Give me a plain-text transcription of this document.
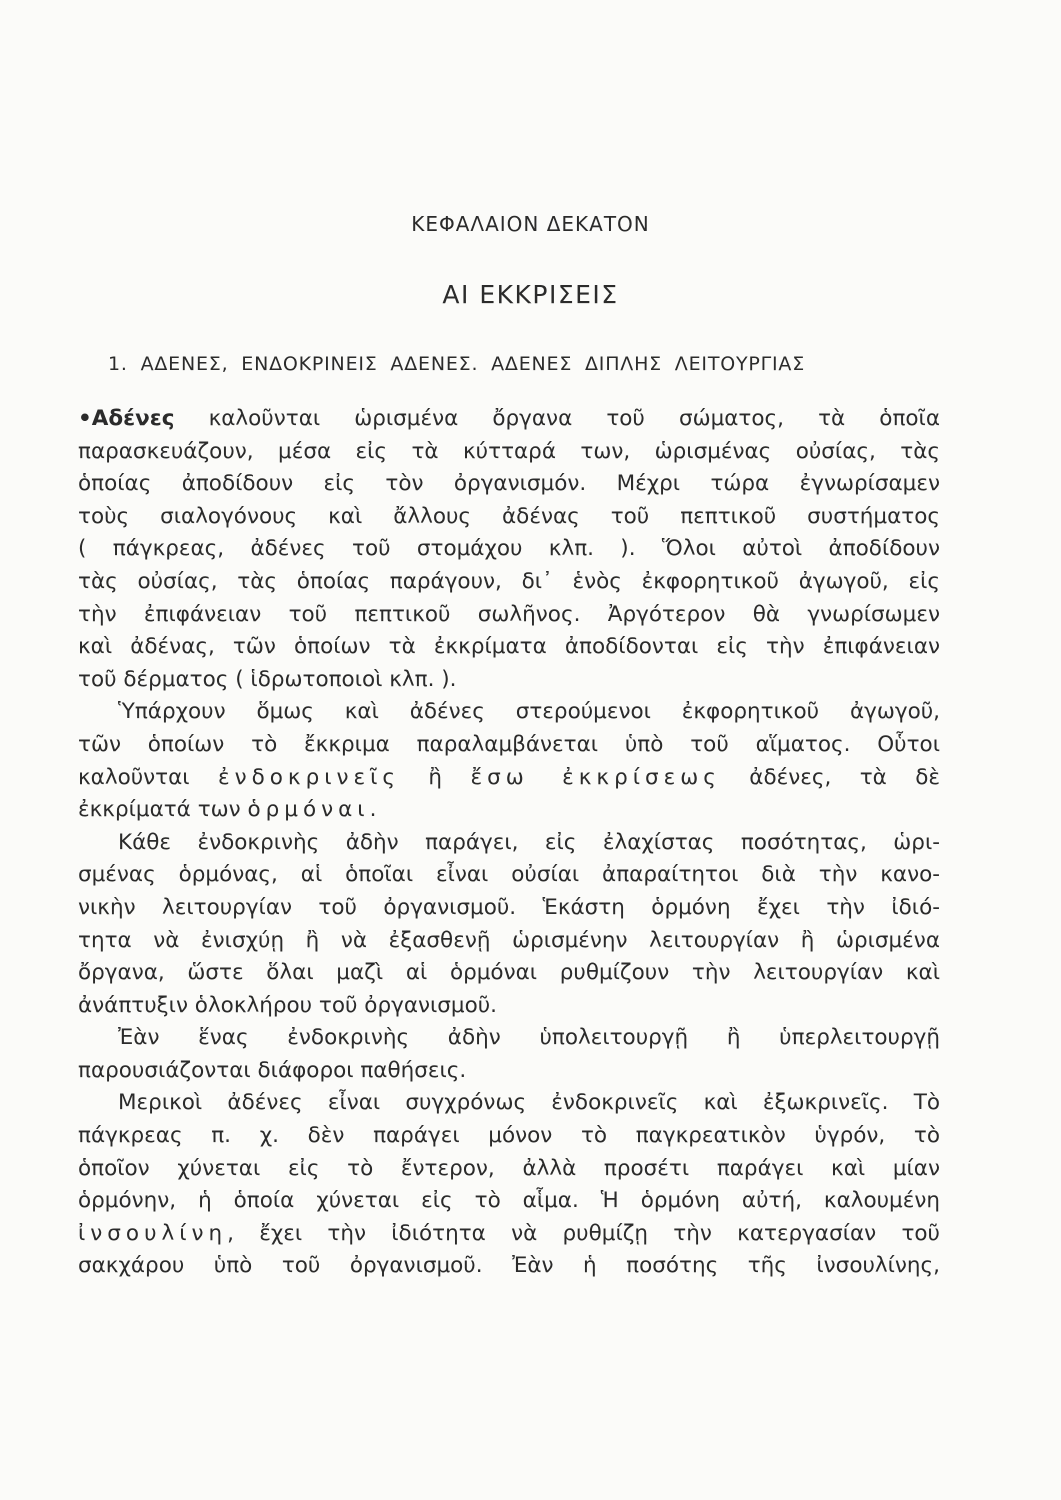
ΚΕΦΑΛΑΙΟΝ ΔΕΚΑΤΟΝ
ΑΙ ΕΚΚΡΙΣΕΙΣ
1. ΑΔΕΝΕΣ, ΕΝΔΟΚΡΙΝΕΙΣ ΑΔΕΝΕΣ. ΑΔΕΝΕΣ ΔΙΠΛΗΣ ΛΕΙΤΟΥΡΓΙΑΣ
•Αδένες καλοῦνται ὡρισμένα ὄργανα τοῦ σώματος, τὰ ὁποῖα
παρασκευάζουν, μέσα εἰς τὰ κύτταρά των, ὡρισμένας οὐσίας, τὰς
ὁποίας ἀποδίδουν εἰς τὸν ὀργανισμόν. Μέχρι τώρα ἐγνωρίσαμεν
τοὺς σιαλογόνους καὶ ἄλλους ἀδένας τοῦ πεπτικοῦ συστήματος
( πάγκρεας, ἀδένες τοῦ στομάχου κλπ. ). Ὅλοι αὐτοὶ ἀποδίδουν
τὰς οὐσίας, τὰς ὁποίας παράγουν, δι᾽ ἑνὸς ἐκφορητικοῦ ἀγωγοῦ, εἰς
τὴν ἐπιφάνειαν τοῦ πεπτικοῦ σωλῆνος. Ἀργότερον θὰ γνωρίσωμεν
καὶ ἀδένας, τῶν ὁποίων τὰ ἐκκρίματα ἀποδίδονται εἰς τὴν ἐπιφάνειαν
τοῦ δέρματος ( ἱδρωτοποιοὶ κλπ. ).
Ὑπάρχουν ὅμως καὶ ἀδένες στερούμενοι ἐκφορητικοῦ ἀγωγοῦ,
τῶν ὁποίων τὸ ἔκκριμα παραλαμβάνεται ὑπὸ τοῦ αἵματος. Οὗτοι
καλοῦνται ἐνδοκρινεῖς ἢ ἔσω ἐκκρίσεως ἀδένες, τὰ δὲ
ἐκκρίματά των ὁρμόναι.
Κάθε ἐνδοκρινὴς ἀδὴν παράγει, εἰς ἐλαχίστας ποσότητας, ὡρι-
σμένας ὁρμόνας, αἱ ὁποῖαι εἶναι οὐσίαι ἀπαραίτητοι διὰ τὴν κανο-
νικὴν λειτουργίαν τοῦ ὀργανισμοῦ. Ἑκάστη ὁρμόνη ἔχει τὴν ἰδιό-
τητα νὰ ἐνισχύῃ ἢ νὰ ἐξασθενῇ ὡρισμένην λειτουργίαν ἢ ὡρισμένα
ὄργανα, ὥστε ὅλαι μαζὶ αἱ ὁρμόναι ρυθμίζουν τὴν λειτουργίαν καὶ
ἀνάπτυξιν ὁλοκλήρου τοῦ ὀργανισμοῦ.
Ἐὰν ἕνας ἐνδοκρινὴς ἀδὴν ὑπολειτουργῇ ἢ ὑπερλειτουργῇ
παρουσιάζονται διάφοροι παθήσεις.
Μερικοὶ ἀδένες εἶναι συγχρόνως ἐνδοκρινεῖς καὶ ἐξωκρινεῖς. Τὸ
πάγκρεας π. χ. δὲν παράγει μόνον τὸ παγκρεατικὸν ὑγρόν, τὸ
ὁποῖον χύνεται εἰς τὸ ἔντερον, ἀλλὰ προσέτι παράγει καὶ μίαν
ὁρμόνην, ἡ ὁποία χύνεται εἰς τὸ αἷμα. Ἡ ὁρμόνη αὐτή, καλουμένη
ἰνσουλίνη, ἔχει τὴν ἰδιότητα νὰ ρυθμίζῃ τὴν κατεργασίαν τοῦ
σακχάρου ὑπὸ τοῦ ὀργανισμοῦ. Ἐὰν ἡ ποσότης τῆς ἰνσουλίνης,
